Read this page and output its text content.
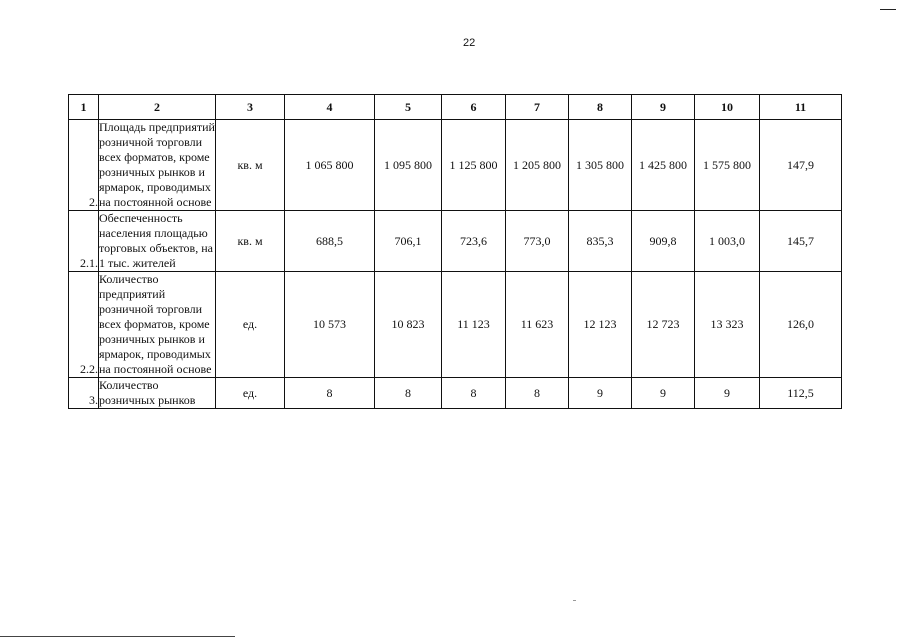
22
1	2	3	4	5	6	7	8	9	10	11
2.	Площадь предприятий розничной торговли всех форматов, кроме розничных рынков и ярмарок, проводимых на постоянной основе	кв. м	1 065 800	1 095 800	1 125 800	1 205 800	1 305 800	1 425 800	1 575 800	147,9
2.1.	Обеспеченность населения площадью торговых объектов, на 1 тыс. жителей	кв. м	688,5	706,1	723,6	773,0	835,3	909,8	1 003,0	145,7
2.2.	Количество предприятий розничной торговли всех форматов, кроме розничных рынков и ярмарок, проводимых на постоянной основе	ед.	10 573	10 823	11 123	11 623	12 123	12 723	13 323	126,0
3.	Количество розничных рынков	ед.	8	8	8	8	9	9	9	112,5
